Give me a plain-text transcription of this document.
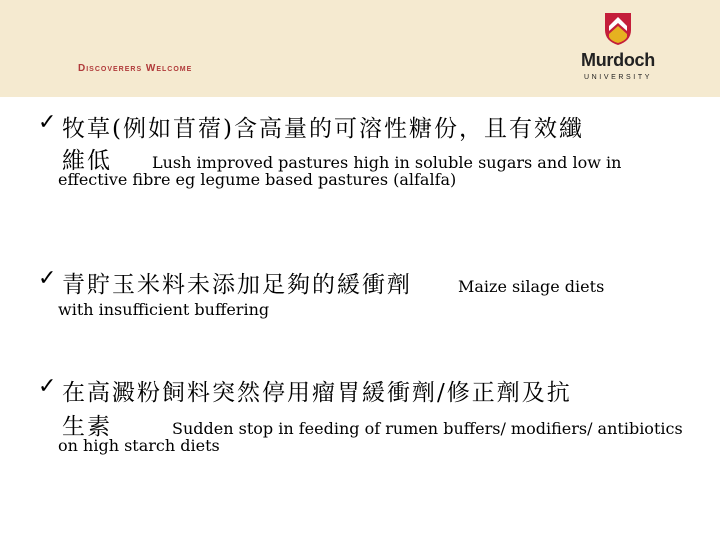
Discoverers Welcome	Murdoch
UNIVERSITY
✓ 牧草(例如苜蓿)含高量的可溶性糖份，且有效纖
維低	Lush improved pastures high in soluble sugars and low in
effective fibre eg legume based pastures (alfalfa)
✓ 青貯玉米料未添加足夠的緩衝劑	Maize silage diets
with insufficient buffering
✓ 在高澱粉飼料突然停用瘤胃緩衝劑/修正劑及抗
生素	Sudden stop in feeding of rumen buffers/ modifiers/ antibiotics
on high starch diets
